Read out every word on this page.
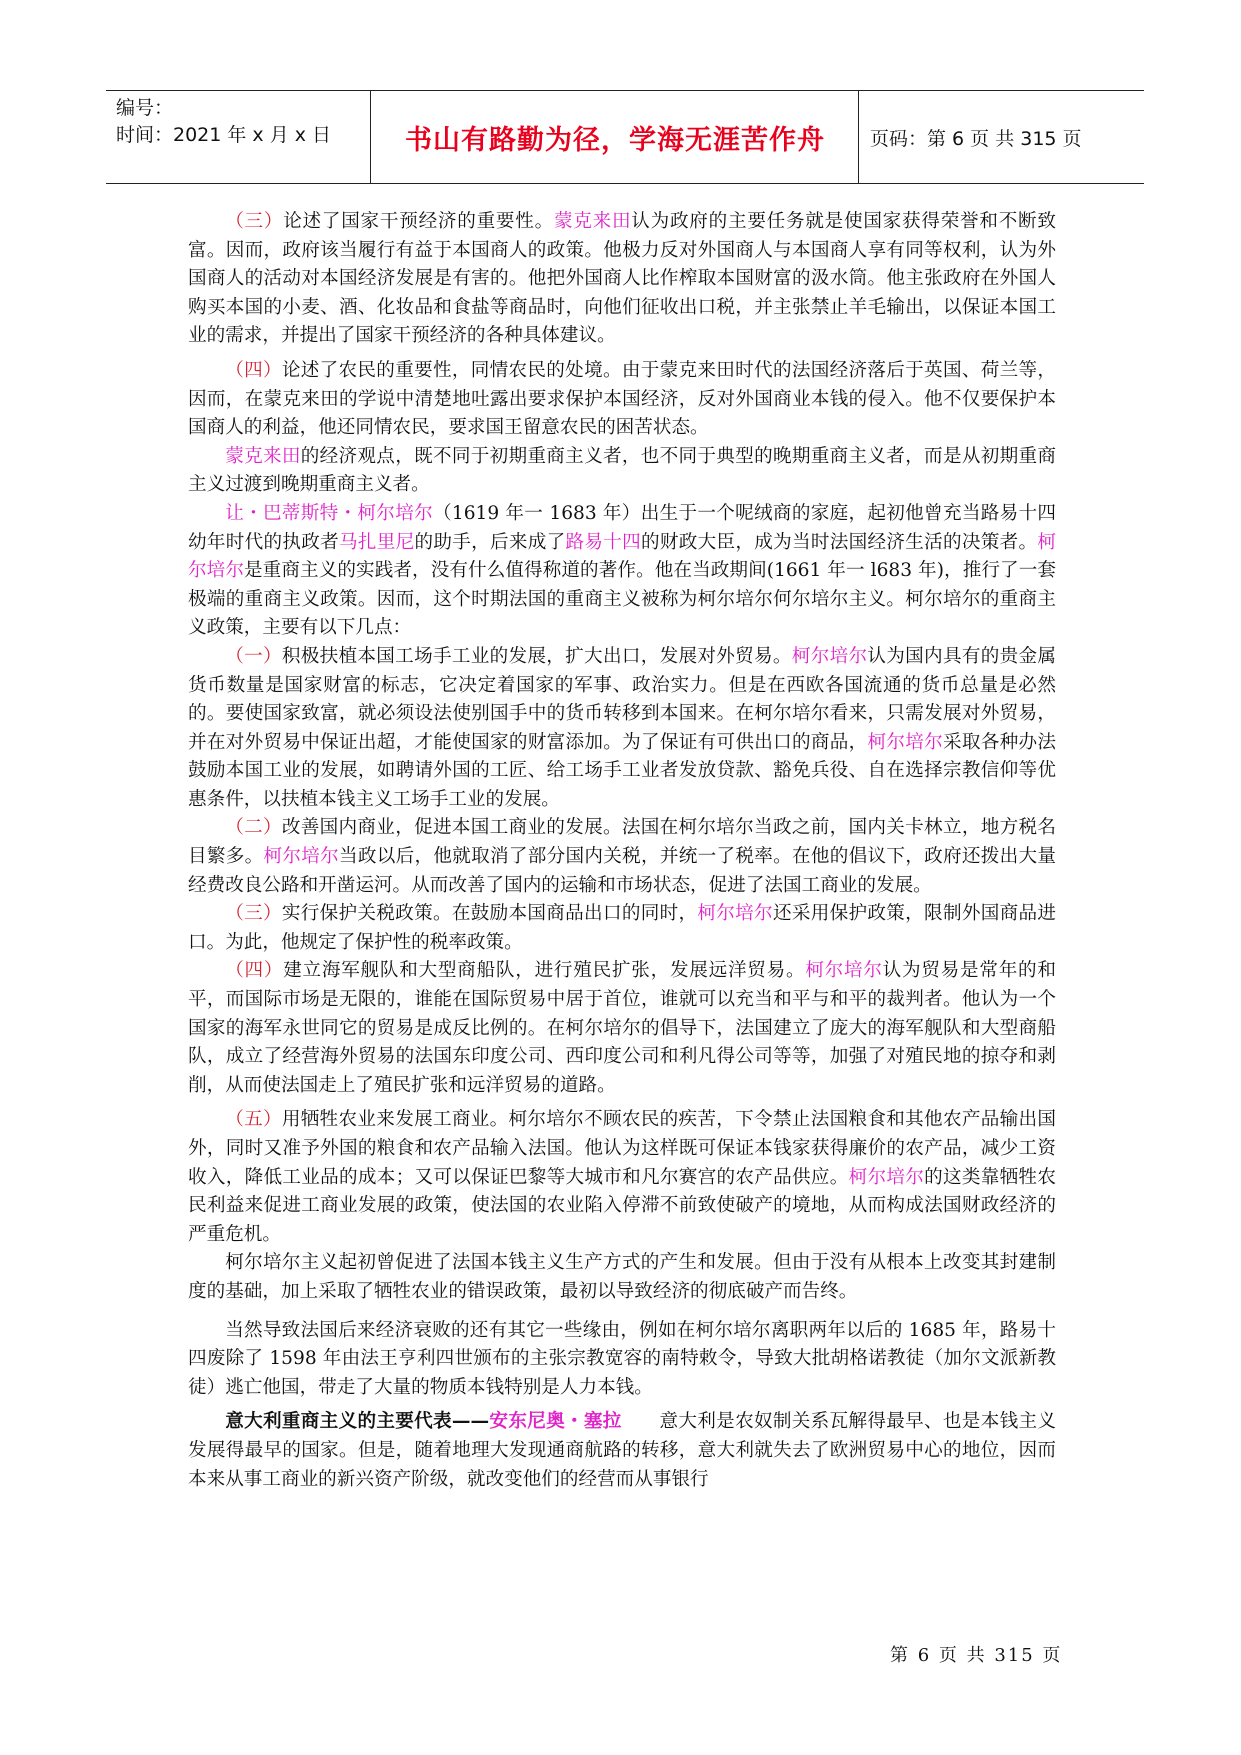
编号：
时间：2021 年 x 月 x 日	书山有路勤为径，学海无涯苦作舟	页码：第 6 页 共 315 页

（三）论述了国家干预经济的重要性。蒙克来田认为政府的主要任务就是使国家获得荣誉和不断致富。因而，政府该当履行有益于本国商人的政策。他极力反对外国商人与本国商人享有同等权利，认为外国商人的活动对本国经济发展是有害的。他把外国商人比作榨取本国财富的汲水筒。他主张政府在外国人购买本国的小麦、酒、化妆品和食盐等商品时，向他们征收出口税，并主张禁止羊毛输出，以保证本国工业的需求，并提出了国家干预经济的各种具体建议。

（四）论述了农民的重要性，同情农民的处境。由于蒙克来田时代的法国经济落后于英国、荷兰等，因而，在蒙克来田的学说中清楚地吐露出要求保护本国经济，反对外国商业本钱的侵入。他不仅要保护本国商人的利益，他还同情农民，要求国王留意农民的困苦状态。

蒙克来田的经济观点，既不同于初期重商主义者，也不同于典型的晚期重商主义者，而是从初期重商主义过渡到晚期重商主义者。

让・巴蒂斯特・柯尔培尔（1619 年一 1683 年）出生于一个呢绒商的家庭，起初他曾充当路易十四幼年时代的执政者马扎里尼的助手，后来成了路易十四的财政大臣，成为当时法国经济生活的决策者。柯尔培尔是重商主义的实践者，没有什么值得称道的著作。他在当政期间(1661 年一 l683 年)，推行了一套极端的重商主义政策。因而，这个时期法国的重商主义被称为柯尔培尔何尔培尔主义。柯尔培尔的重商主义政策，主要有以下几点：

（一）积极扶植本国工场手工业的发展，扩大出口，发展对外贸易。柯尔培尔认为国内具有的贵金属货币数量是国家财富的标志，它决定着国家的军事、政治实力。但是在西欧各国流通的货币总量是必然的。要使国家致富，就必须设法使别国手中的货币转移到本国来。在柯尔培尔看来，只需发展对外贸易，并在对外贸易中保证出超，才能使国家的财富添加。为了保证有可供出口的商品，柯尔培尔采取各种办法鼓励本国工业的发展，如聘请外国的工匠、给工场手工业者发放贷款、豁免兵役、自在选择宗教信仰等优惠条件，以扶植本钱主义工场手工业的发展。

（二）改善国内商业，促进本国工商业的发展。法国在柯尔培尔当政之前，国内关卡林立，地方税名目繁多。柯尔培尔当政以后，他就取消了部分国内关税，并统一了税率。在他的倡议下，政府还拨出大量经费改良公路和开凿运河。从而改善了国内的运输和市场状态，促进了法国工商业的发展。

（三）实行保护关税政策。在鼓励本国商品出口的同时，柯尔培尔还采用保护政策，限制外国商品进口。为此，他规定了保护性的税率政策。

（四）建立海军舰队和大型商船队，进行殖民扩张，发展远洋贸易。柯尔培尔认为贸易是常年的和平，而国际市场是无限的，谁能在国际贸易中居于首位，谁就可以充当和平与和平的裁判者。他认为一个国家的海军永世同它的贸易是成反比例的。在柯尔培尔的倡导下，法国建立了庞大的海军舰队和大型商船队，成立了经营海外贸易的法国东印度公司、西印度公司和利凡得公司等等，加强了对殖民地的掠夺和剥削，从而使法国走上了殖民扩张和远洋贸易的道路。

（五）用牺牲农业来发展工商业。柯尔培尔不顾农民的疾苦，下令禁止法国粮食和其他农产品输出国外，同时又准予外国的粮食和农产品输入法国。他认为这样既可保证本钱家获得廉价的农产品，减少工资收入，降低工业品的成本；又可以保证巴黎等大城市和凡尔赛宫的农产品供应。柯尔培尔的这类靠牺牲农民利益来促进工商业发展的政策，使法国的农业陷入停滞不前致使破产的境地，从而构成法国财政经济的严重危机。

柯尔培尔主义起初曾促进了法国本钱主义生产方式的产生和发展。但由于没有从根本上改变其封建制度的基础，加上采取了牺牲农业的错误政策，最初以导致经济的彻底破产而告终。

当然导致法国后来经济衰败的还有其它一些缘由，例如在柯尔培尔离职两年以后的 1685 年，路易十四废除了 1598 年由法王亨利四世颁布的主张宗教宽容的南特敕令，导致大批胡格诺教徒（加尔文派新教徒）逃亡他国，带走了大量的物质本钱特别是人力本钱。

意大利重商主义的主要代表——安东尼奥・塞拉　　意大利是农奴制关系瓦解得最早、也是本钱主义发展得最早的国家。但是，随着地理大发现通商航路的转移，意大利就失去了欧洲贸易中心的地位，因而本来从事工商业的新兴资产阶级，就改变他们的经营而从事银行

第 6 页 共 315 页
